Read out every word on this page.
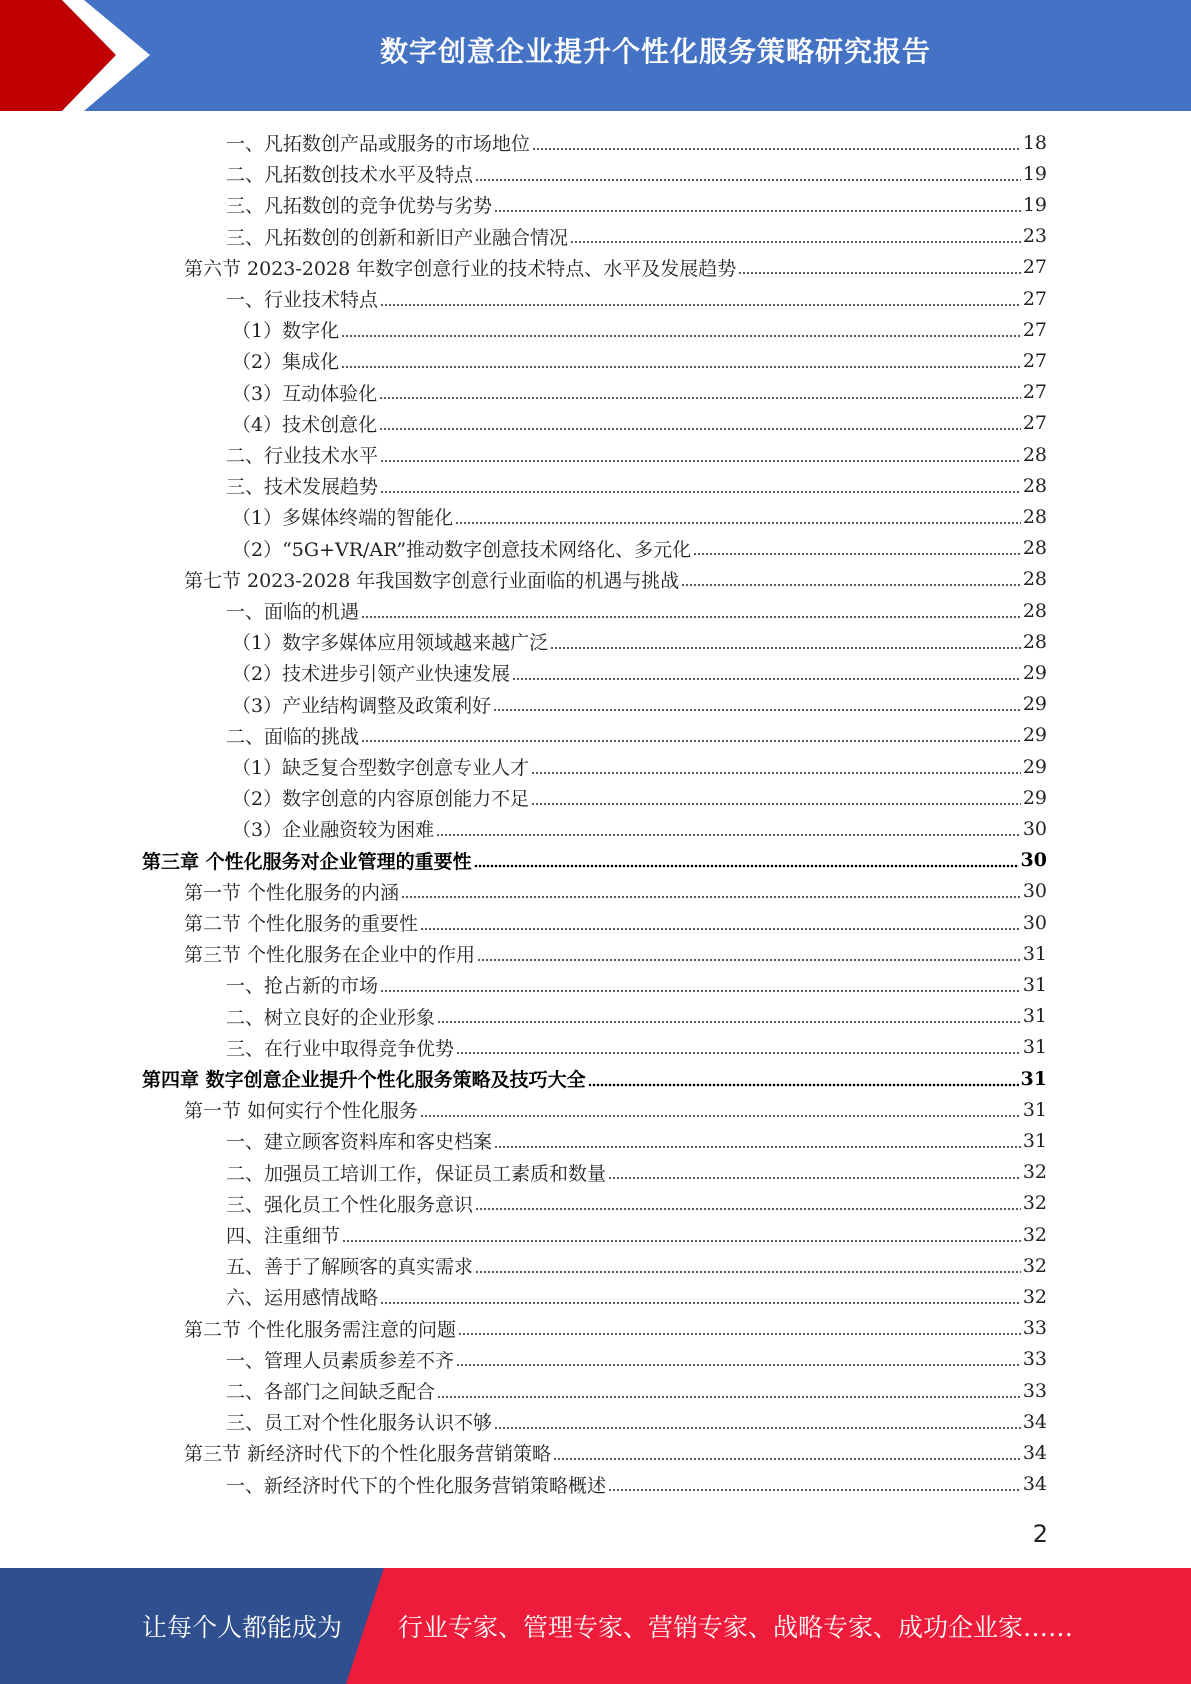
数字创意企业提升个性化服务策略研究报告
一、凡拓数创产品或服务的市场地位	18
二、凡拓数创技术水平及特点	19
三、凡拓数创的竞争优势与劣势	19
三、凡拓数创的创新和新旧产业融合情况	23
第六节 2023-2028 年数字创意行业的技术特点、水平及发展趋势	27
一、行业技术特点	27
（1）数字化	27
（2）集成化	27
（3）互动体验化	27
（4）技术创意化	27
二、行业技术水平	28
三、技术发展趋势	28
（1）多媒体终端的智能化	28
（2）“5G+VR/AR”推动数字创意技术网络化、多元化	28
第七节 2023-2028 年我国数字创意行业面临的机遇与挑战	28
一、面临的机遇	28
（1）数字多媒体应用领域越来越广泛	28
（2）技术进步引领产业快速发展	29
（3）产业结构调整及政策利好	29
二、面临的挑战	29
（1）缺乏复合型数字创意专业人才	29
（2）数字创意的内容原创能力不足	29
（3）企业融资较为困难	30
第三章 个性化服务对企业管理的重要性	30
第一节 个性化服务的内涵	30
第二节 个性化服务的重要性	30
第三节 个性化服务在企业中的作用	31
一、抢占新的市场	31
二、树立良好的企业形象	31
三、在行业中取得竞争优势	31
第四章 数字创意企业提升个性化服务策略及技巧大全	31
第一节 如何实行个性化服务	31
一、建立顾客资料库和客史档案	31
二、加强员工培训工作，保证员工素质和数量	32
三、强化员工个性化服务意识	32
四、注重细节	32
五、善于了解顾客的真实需求	32
六、运用感情战略	32
第二节 个性化服务需注意的问题	33
一、管理人员素质参差不齐	33
二、各部门之间缺乏配合	33
三、员工对个性化服务认识不够	34
第三节 新经济时代下的个性化服务营销策略	34
一、新经济时代下的个性化服务营销策略概述	34
2
让每个人都能成为 行业专家、管理专家、营销专家、战略专家、成功企业家……
